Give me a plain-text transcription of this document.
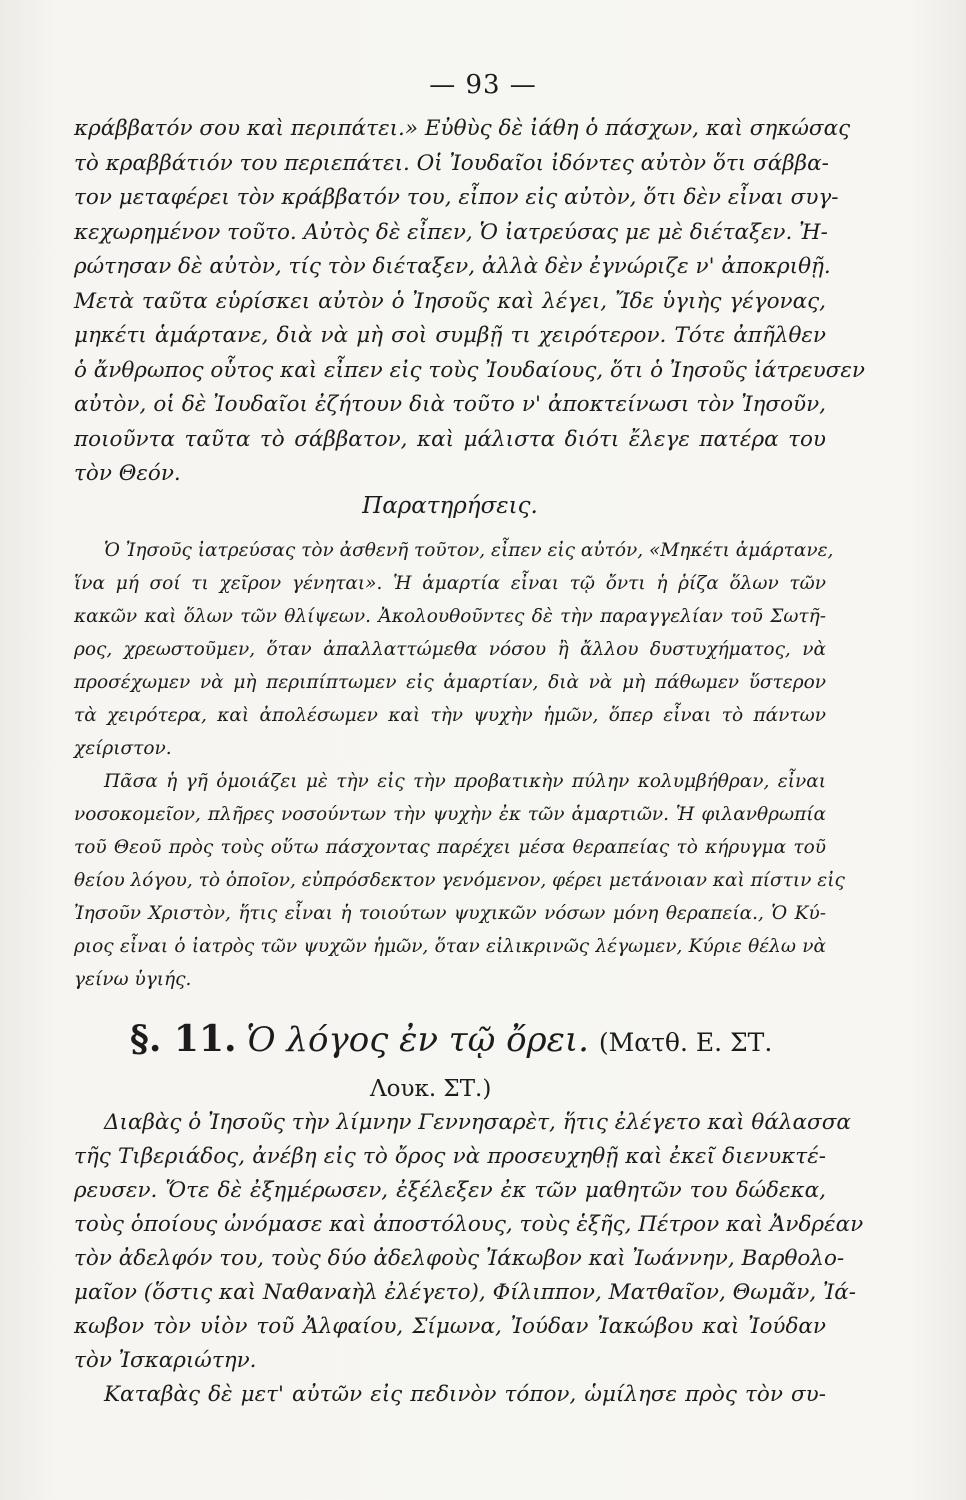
— 93 —
κράββατόν σου καὶ περιπάτει.» Εὐθὺς δὲ ἰάθη ὁ πάσχων, καὶ σηκώσας
τὸ κραββάτιόν του περιεπάτει. Οἱ Ἰουδαῖοι ἰδόντες αὐτὸν ὅτι σάββα-
τον μεταφέρει τὸν κράββατόν του, εἶπον εἰς αὐτὸν, ὅτι δὲν εἶναι συγ-
κεχωρημένον τοῦτο. Αὐτὸς δὲ εἶπεν, Ὁ ἰατρεύσας με μὲ διέταξεν. Ἠ-
ρώτησαν δὲ αὐτὸν, τίς τὸν διέταξεν, ἀλλὰ δὲν ἐγνώριζε ν' ἀποκριθῇ.
Μετὰ ταῦτα εὑρίσκει αὐτὸν ὁ Ἰησοῦς καὶ λέγει, Ἴδε ὑγιὴς γέγονας,
μηκέτι ἁμάρτανε, διὰ νὰ μὴ σοὶ συμβῇ τι χειρότερον. Τότε ἀπῆλθεν
ὁ ἄνθρωπος οὗτος καὶ εἶπεν εἰς τοὺς Ἰουδαίους, ὅτι ὁ Ἰησοῦς ἰάτρευσεν
αὐτὸν, οἱ δὲ Ἰουδαῖοι ἐζήτουν διὰ τοῦτο ν' ἀποκτείνωσι τὸν Ἰησοῦν,
ποιοῦντα ταῦτα τὸ σάββατον, καὶ μάλιστα διότι ἔλεγε πατέρα του
τὸν Θεόν.
Παρατηρήσεις.
Ὁ Ἰησοῦς ἰατρεύσας τὸν ἀσθενῆ τοῦτον, εἶπεν εἰς αὐτόν, «Μηκέτι ἁμάρτανε,
ἵνα μή σοί τι χεῖρον γένηται». Ἡ ἁμαρτία εἶναι τῷ ὄντι ἡ ῥίζα ὅλων τῶν
κακῶν καὶ ὅλων τῶν θλίψεων. Ἀκολουθοῦντες δὲ τὴν παραγγελίαν τοῦ Σωτῆ-
ρος, χρεωστοῦμεν, ὅταν ἀπαλλαττώμεθα νόσου ἢ ἄλλου δυστυχήματος, νὰ
προσέχωμεν νὰ μὴ περιπίπτωμεν εἰς ἁμαρτίαν, διὰ νὰ μὴ πάθωμεν ὕστερον
τὰ χειρότερα, καὶ ἀπολέσωμεν καὶ τὴν ψυχὴν ἡμῶν, ὅπερ εἶναι τὸ πάντων
χείριστον.
Πᾶσα ἡ γῆ ὁμοιάζει μὲ τὴν εἰς τὴν προβατικὴν πύλην κολυμβήθραν, εἶναι
νοσοκομεῖον, πλῆρες νοσούντων τὴν ψυχὴν ἐκ τῶν ἁμαρτιῶν. Ἡ φιλανθρωπία
τοῦ Θεοῦ πρὸς τοὺς οὕτω πάσχοντας παρέχει μέσα θεραπείας τὸ κήρυγμα τοῦ
θείου λόγου, τὸ ὁποῖον, εὐπρόσδεκτον γενόμενον, φέρει μετάνοιαν καὶ πίστιν εἰς
Ἰησοῦν Χριστὸν, ἥτις εἶναι ἡ τοιούτων ψυχικῶν νόσων μόνη θεραπεία., Ὁ Κύ-
ριος εἶναι ὁ ἰατρὸς τῶν ψυχῶν ἡμῶν, ὅταν εἰλικρινῶς λέγωμεν, Κύριε θέλω νὰ
γείνω ὑγιής.
§. 11. Ὁ λόγος ἐν τῷ ὄρει. (Ματθ. Ε. ΣΤ.
Λουκ. ΣΤ.)
Διαβὰς ὁ Ἰησοῦς τὴν λίμνην Γεννησαρὲτ, ἥτις ἐλέγετο καὶ θάλασσα
τῆς Τιβεριάδος, ἀνέβη εἰς τὸ ὄρος νὰ προσευχηθῇ καὶ ἐκεῖ διενυκτέ-
ρευσεν. Ὅτε δὲ ἐξημέρωσεν, ἐξέλεξεν ἐκ τῶν μαθητῶν του δώδεκα,
τοὺς ὁποίους ὠνόμασε καὶ ἀποστόλους, τοὺς ἑξῆς, Πέτρον καὶ Ἀνδρέαν
τὸν ἀδελφόν του, τοὺς δύο ἀδελφοὺς Ἰάκωβον καὶ Ἰωάννην, Βαρθολο-
μαῖον (ὅστις καὶ Ναθαναὴλ ἐλέγετο), Φίλιππον, Ματθαῖον, Θωμᾶν, Ἰά-
κωβον τὸν υἱὸν τοῦ Ἀλφαίου, Σίμωνα, Ἰούδαν Ἰακώβου καὶ Ἰούδαν
τὸν Ἰσκαριώτην.
Καταβὰς δὲ μετ' αὐτῶν εἰς πεδινὸν τόπον, ὡμίλησε πρὸς τὸν συ-
